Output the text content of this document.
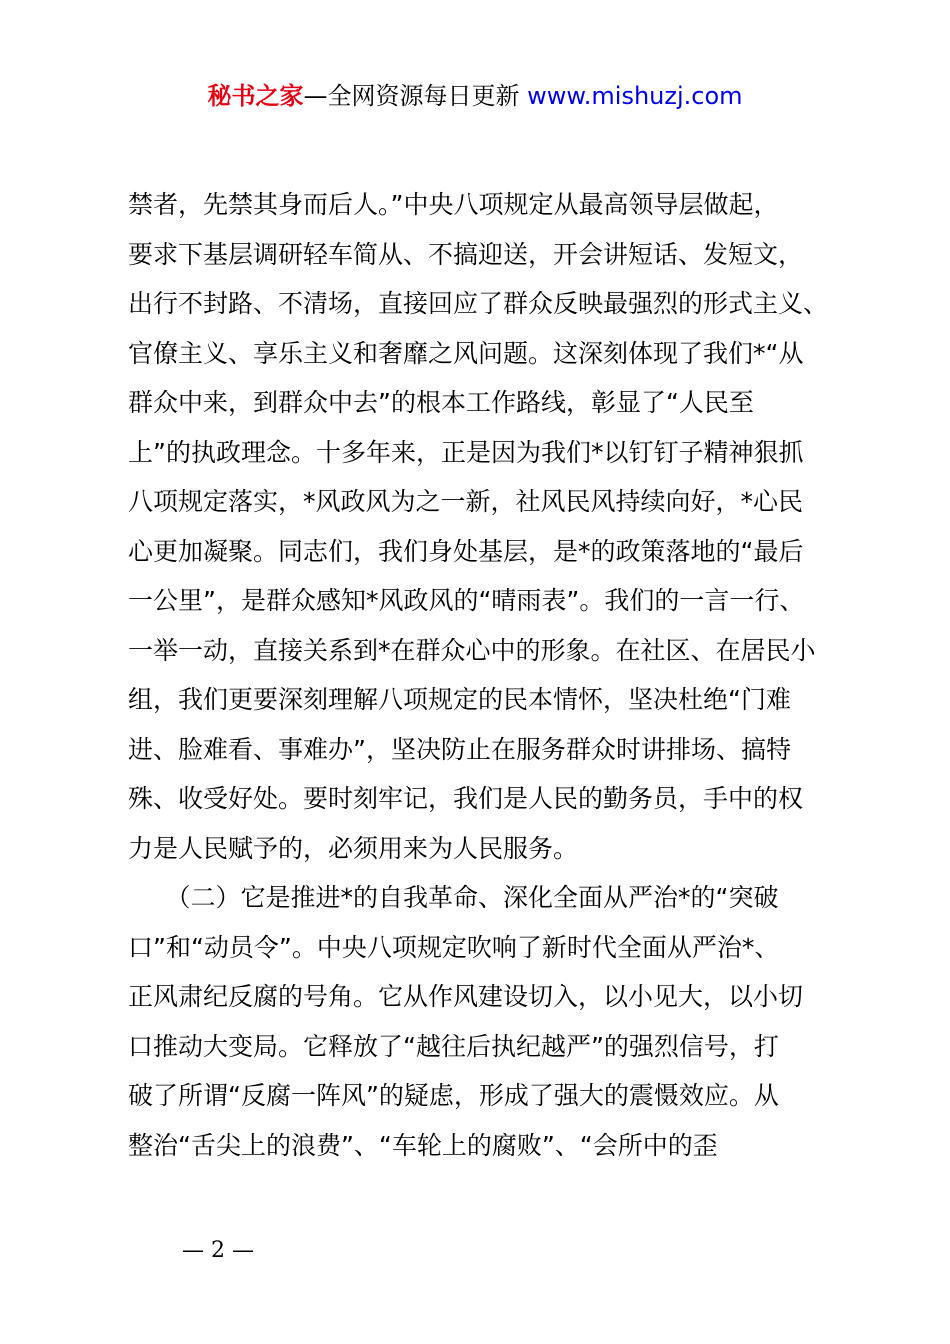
秘书之家—全网资源每日更新 www.mishuzj.com
禁者，先禁其身而后人。”中央八项规定从最高领导层做起，
要求下基层调研轻车简从、不搞迎送，开会讲短话、发短文，
出行不封路、不清场，直接回应了群众反映最强烈的形式主义、
官僚主义、享乐主义和奢靡之风问题。这深刻体现了我们*“从
群众中来，到群众中去”的根本工作路线，彰显了“人民至
上”的执政理念。十多年来，正是因为我们*以钉钉子精神狠抓
八项规定落实，*风政风为之一新，社风民风持续向好，*心民
心更加凝聚。同志们，我们身处基层，是*的政策落地的“最后
一公里”，是群众感知*风政风的“晴雨表”。我们的一言一行、
一举一动，直接关系到*在群众心中的形象。在社区、在居民小
组，我们更要深刻理解八项规定的民本情怀，坚决杜绝“门难
进、脸难看、事难办”，坚决防止在服务群众时讲排场、搞特
殊、收受好处。要时刻牢记，我们是人民的勤务员，手中的权
力是人民赋予的，必须用来为人民服务。
　　（二）它是推进*的自我革命、深化全面从严治*的“突破
口”和“动员令”。中央八项规定吹响了新时代全面从严治*、
正风肃纪反腐的号角。它从作风建设切入，以小见大，以小切
口推动大变局。它释放了“越往后执纪越严”的强烈信号，打
破了所谓“反腐一阵风”的疑虑，形成了强大的震慑效应。从
整治“舌尖上的浪费”、“车轮上的腐败”、“会所中的歪
— 2 —
